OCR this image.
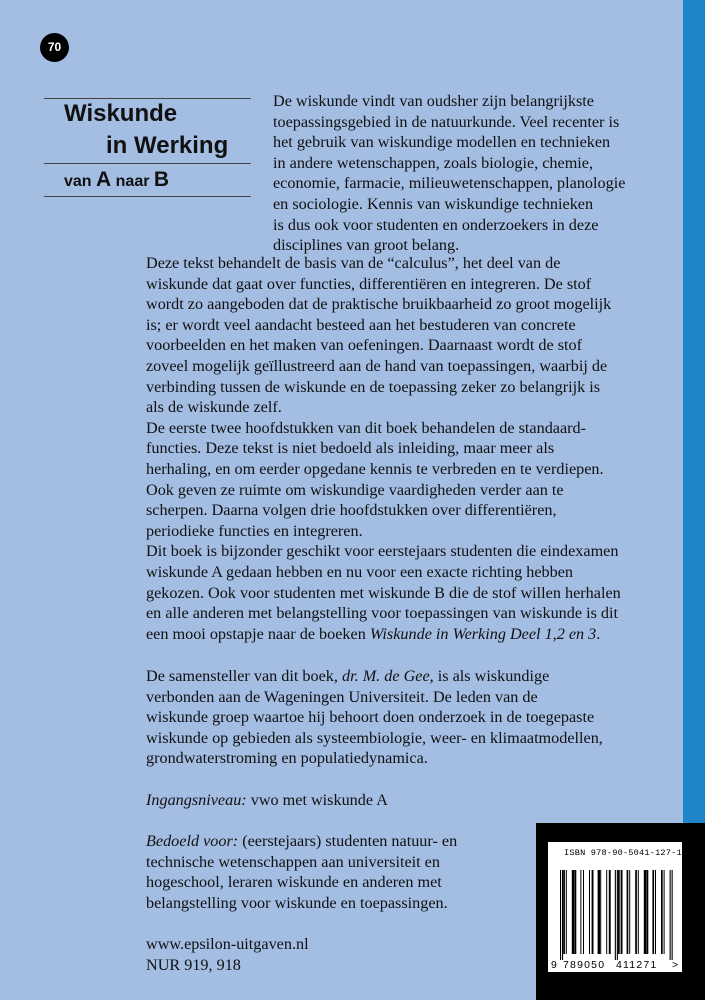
70
Wiskunde
in Werking
van A naar B
De wiskunde vindt van oudsher zijn belangrijkste
toepassingsgebied in de natuurkunde. Veel recenter is
het gebruik van wiskundige modellen en technieken
in andere wetenschappen, zoals biologie, chemie,
economie, farmacie, milieuwetenschappen, planologie
en sociologie. Kennis van wiskundige technieken
is dus ook voor studenten en onderzoekers in deze
disciplines van groot belang.
Deze tekst behandelt de basis van de “calculus”, het deel van de
wiskunde dat gaat over functies, differentiëren en integreren. De stof
wordt zo aangeboden dat de praktische bruikbaarheid zo groot mogelijk
is; er wordt veel aandacht besteed aan het bestuderen van concrete
voorbeelden en het maken van oefeningen. Daarnaast wordt de stof
zoveel mogelijk geïllustreerd aan de hand van toepassingen, waarbij de
verbinding tussen de wiskunde en de toepassing zeker zo belangrijk is
als de wiskunde zelf.
De eerste twee hoofdstukken van dit boek behandelen de standaard-
functies. Deze tekst is niet bedoeld als inleiding, maar meer als
herhaling, en om eerder opgedane kennis te verbreden en te verdiepen.
Ook geven ze ruimte om wiskundige vaardigheden verder aan te
scherpen. Daarna volgen drie hoofdstukken over differentiëren,
periodieke functies en integreren.
Dit boek is bijzonder geschikt voor eerstejaars studenten die eindexamen
wiskunde A gedaan hebben en nu voor een exacte richting hebben
gekozen. Ook voor studenten met wiskunde B die de stof willen herhalen
en alle anderen met belangstelling voor toepassingen van wiskunde is dit
een mooi opstapje naar de boeken Wiskunde in Werking Deel 1,2 en 3.
De samensteller van dit boek, dr. M. de Gee, is als wiskundige
verbonden aan de Wageningen Universiteit. De leden van de
wiskunde groep waartoe hij behoort doen onderzoek in de toegepaste
wiskunde op gebieden als systeembiologie, weer- en klimaatmodellen,
grondwaterstroming en populatiedynamica.
Ingangsniveau: vwo met wiskunde A
Bedoeld voor: (eerstejaars) studenten natuur- en
technische wetenschappen aan universiteit en
hogeschool, leraren wiskunde en anderen met
belangstelling voor wiskunde en toepassingen.
www.epsilon-uitgaven.nl
NUR 919, 918
ISBN 978-90-5041-127-1
9 789050 411271 >
